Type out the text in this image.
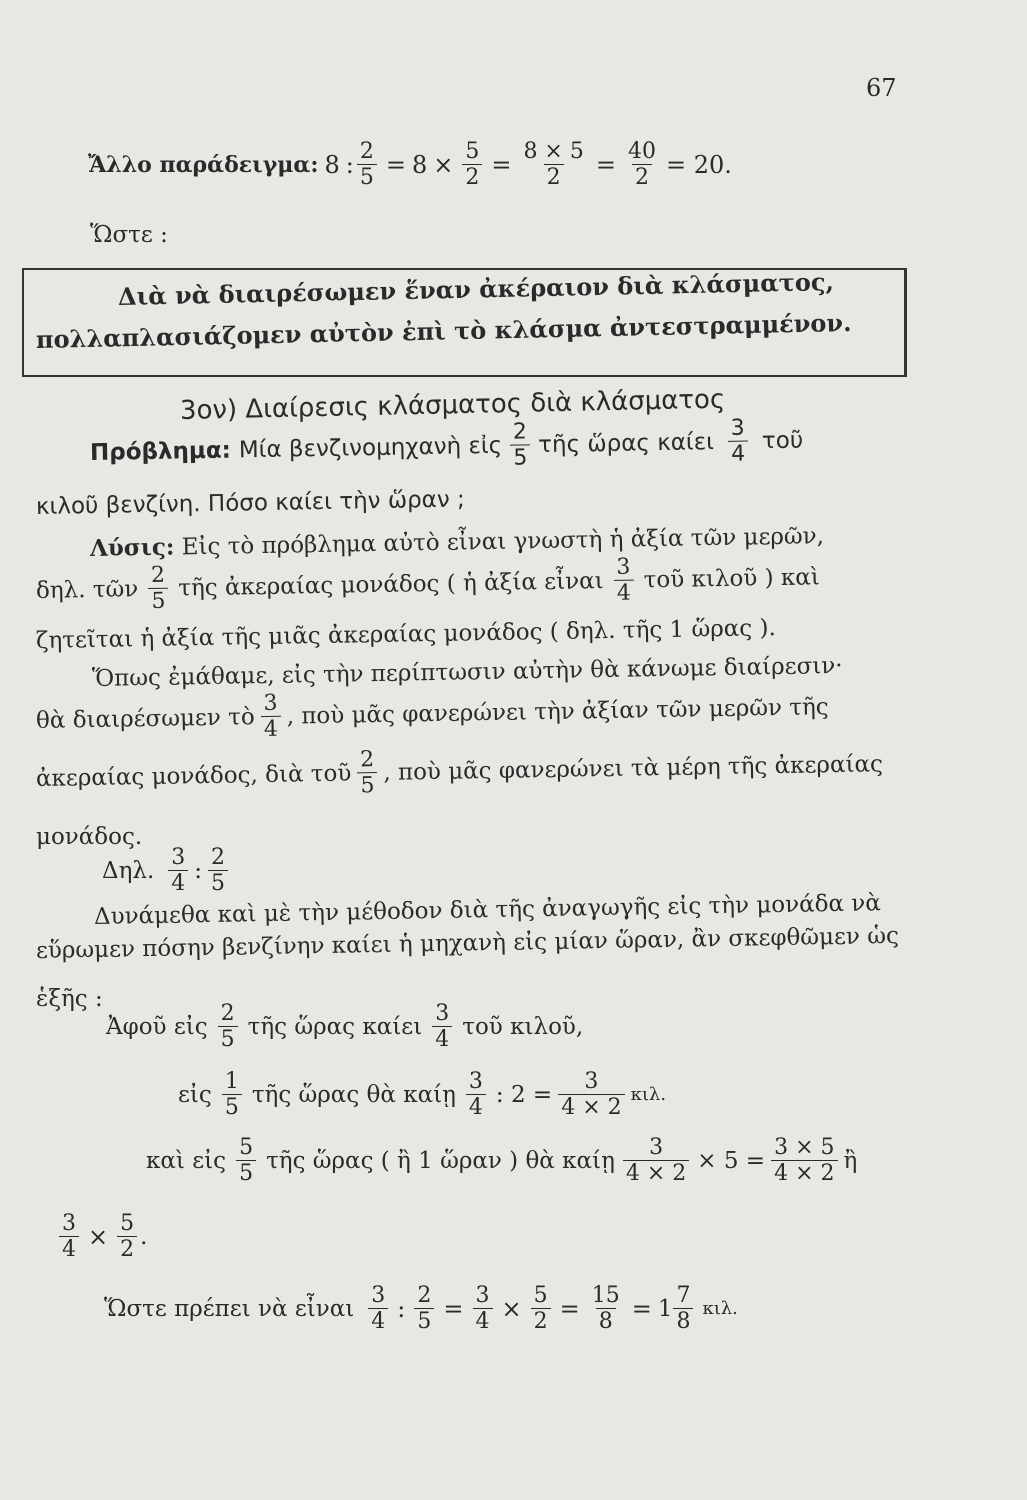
67
Ἄλλο παράδειγμα: 8 : $\frac{2}{5} = 8 \times \frac{5}{2} = \frac{8 \times 5}{2} = \frac{40}{2} = 20$.
Ὥστε :
Διὰ νὰ διαιρέσωμεν ἕναν ἀκέραιον διὰ κλάσματος,
πολλαπλασιάζομεν αὐτὸν ἐπὶ τὸ κλάσμα ἀντεστραμμένον.
3ον) Διαίρεσις κλάσματος διὰ κλάσματος
Πρόβλημα: Μία βενζινομηχανὴ εἰς $\frac{2}{5}$ τῆς ὥρας καίει $\frac{3}{4}$ τοῦ
κιλοῦ βενζίνη. Πόσο καίει τὴν ὥραν ;
Λύσις: Εἰς τὸ πρόβλημα αὐτὸ εἶναι γνωστὴ ἡ ἀξία τῶν μερῶν,
δηλ. τῶν $\frac{2}{5}$ τῆς ἀκεραίας μονάδος ( ἡ ἀξία εἶναι $\frac{3}{4}$ τοῦ κιλοῦ ) καὶ
ζητεῖται ἡ ἀξία τῆς μιᾶς ἀκεραίας μονάδος ( δηλ. τῆς 1 ὥρας ).
Ὅπως ἐμάθαμε, εἰς τὴν περίπτωσιν αὐτὴν θὰ κάνωμε διαίρεσιν·
θὰ διαιρέσωμεν τὸ $\frac{3}{4}$ , ποὺ μᾶς φανερώνει τὴν ἀξίαν τῶν μερῶν τῆς
ἀκεραίας μονάδος, διὰ τοῦ $\frac{2}{5}$ , ποὺ μᾶς φανερώνει τὰ μέρη τῆς ἀκεραίας
μονάδος.
Δηλ. $\frac{3}{4}$ : $\frac{2}{5}$
Δυνάμεθα καὶ μὲ τὴν μέθοδον διὰ τῆς ἀναγωγῆς εἰς τὴν μονάδα νὰ
εὕρωμεν πόσην βενζίνην καίει ἡ μηχανὴ εἰς μίαν ὥραν, ἂν σκεφθῶμεν ὡς
ἑξῆς :
Ἀφοῦ εἰς $\frac{2}{5}$ τῆς ὥρας καίει $\frac{3}{4}$ τοῦ κιλοῦ,
εἰς $\frac{1}{5}$ τῆς ὥρας θὰ καίῃ $\frac{3}{4}$ : $2 = \frac{3}{4 \times 2} \kappa\iota\lambda$.
καὶ εἰς $\frac{5}{5}$ τῆς ὥρας ( ἢ 1 ὥραν ) θὰ καίῃ $\frac{3}{4 \times 2} \times 5 = \frac{3 \times 5}{4 \times 2}$ ἢ
$\frac{3}{4} \times \frac{5}{2}$ .
Ὥστε πρέπει νὰ εἶναι $\frac{3}{4}$ : $\frac{2}{5} = \frac{3}{4} \times \frac{5}{2} = \frac{15}{8} = 1 \frac{7}{8} \kappa\iota\lambda$.
